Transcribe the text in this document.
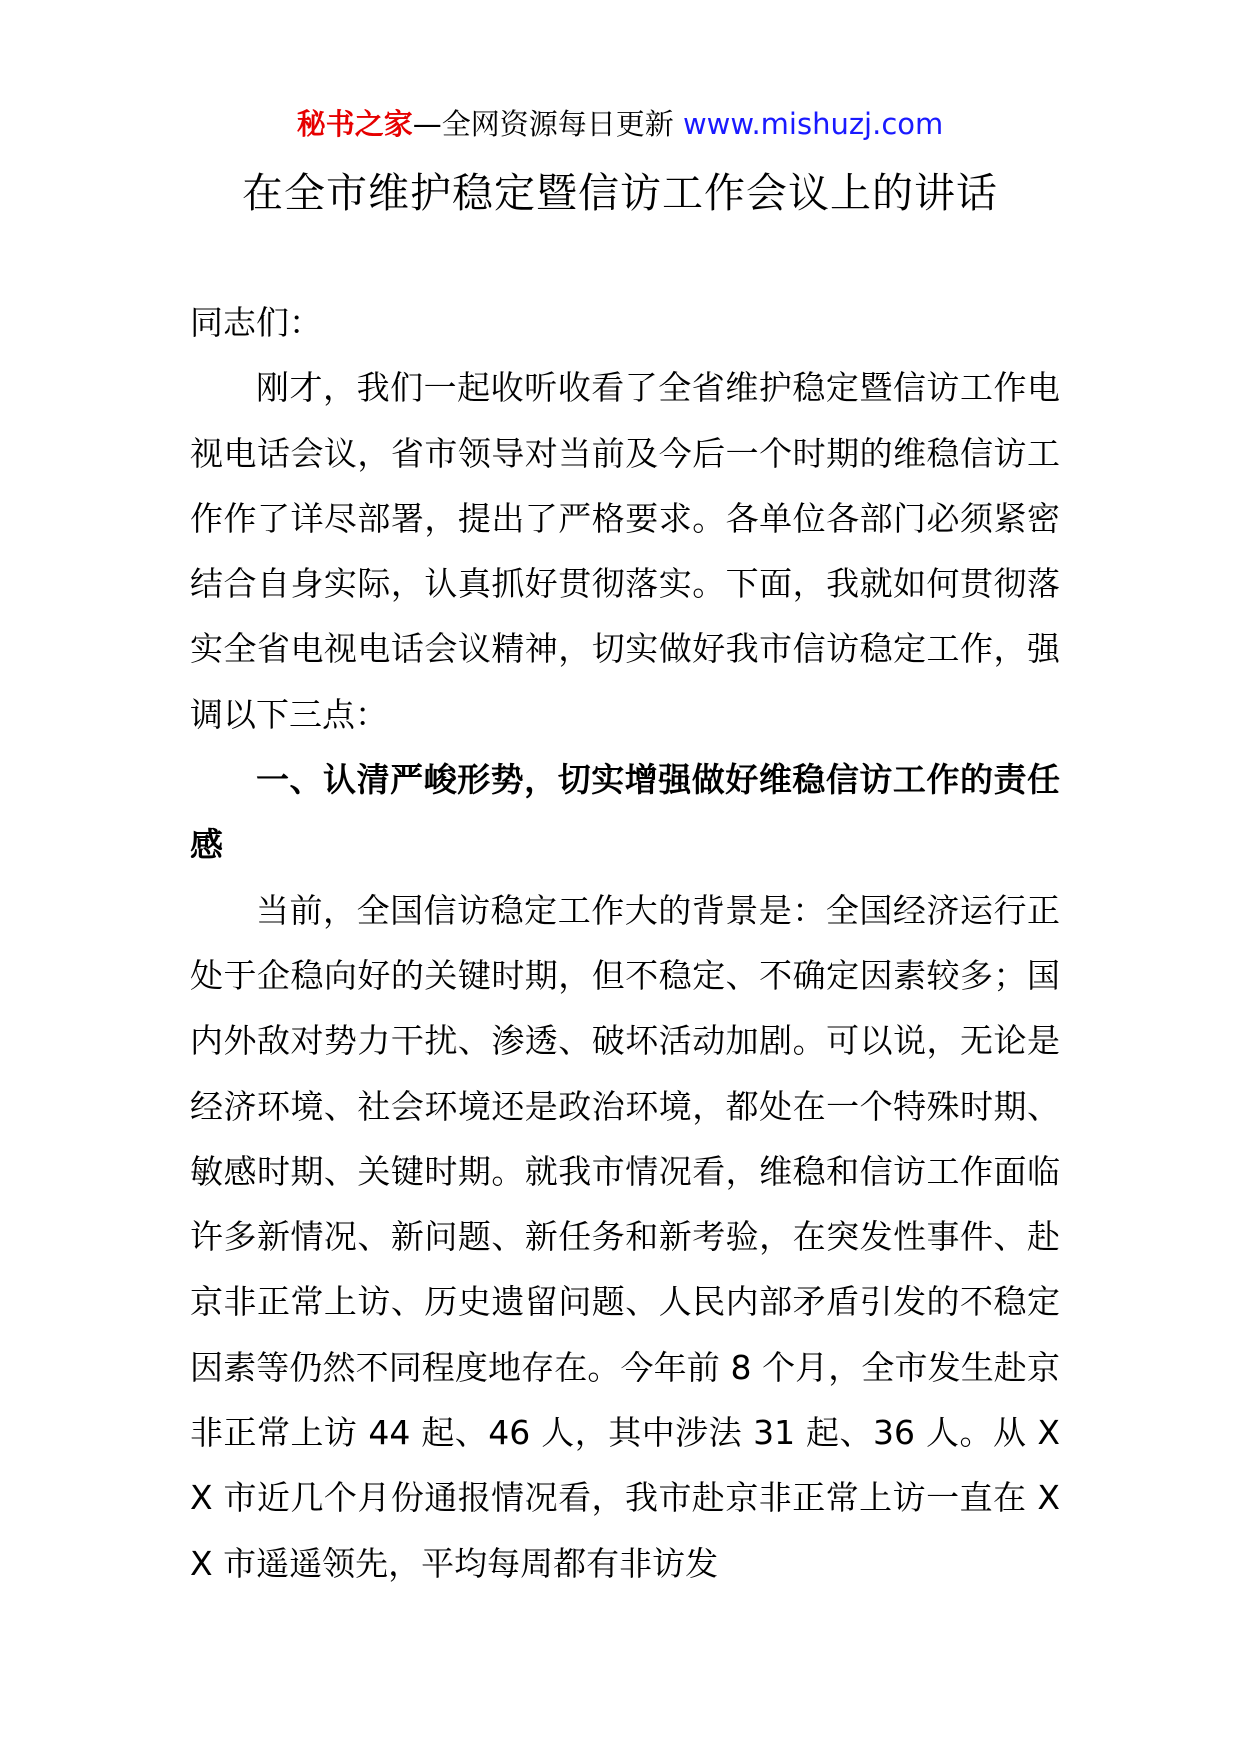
秘书之家—全网资源每日更新 www.mishuzj.com
在全市维护稳定暨信访工作会议上的讲话

同志们：

刚才，我们一起收听收看了全省维护稳定暨信访工作电视电话会议，省市领导对当前及今后一个时期的维稳信访工作作了详尽部署，提出了严格要求。各单位各部门必须紧密结合自身实际，认真抓好贯彻落实。下面，我就如何贯彻落实全省电视电话会议精神，切实做好我市信访稳定工作，强调以下三点：

一、认清严峻形势，切实增强做好维稳信访工作的责任感

当前，全国信访稳定工作大的背景是：全国经济运行正处于企稳向好的关键时期，但不稳定、不确定因素较多；国内外敌对势力干扰、渗透、破坏活动加剧。可以说，无论是经济环境、社会环境还是政治环境，都处在一个特殊时期、敏感时期、关键时期。就我市情况看，维稳和信访工作面临许多新情况、新问题、新任务和新考验，在突发性事件、赴京非正常上访、历史遗留问题、人民内部矛盾引发的不稳定因素等仍然不同程度地存在。今年前 8 个月，全市发生赴京非正常上访 44 起、46 人，其中涉法 31 起、36 人。从 XX 市近几个月份通报情况看，我市赴京非正常上访一直在 XX 市遥遥领先，平均每周都有非访发
